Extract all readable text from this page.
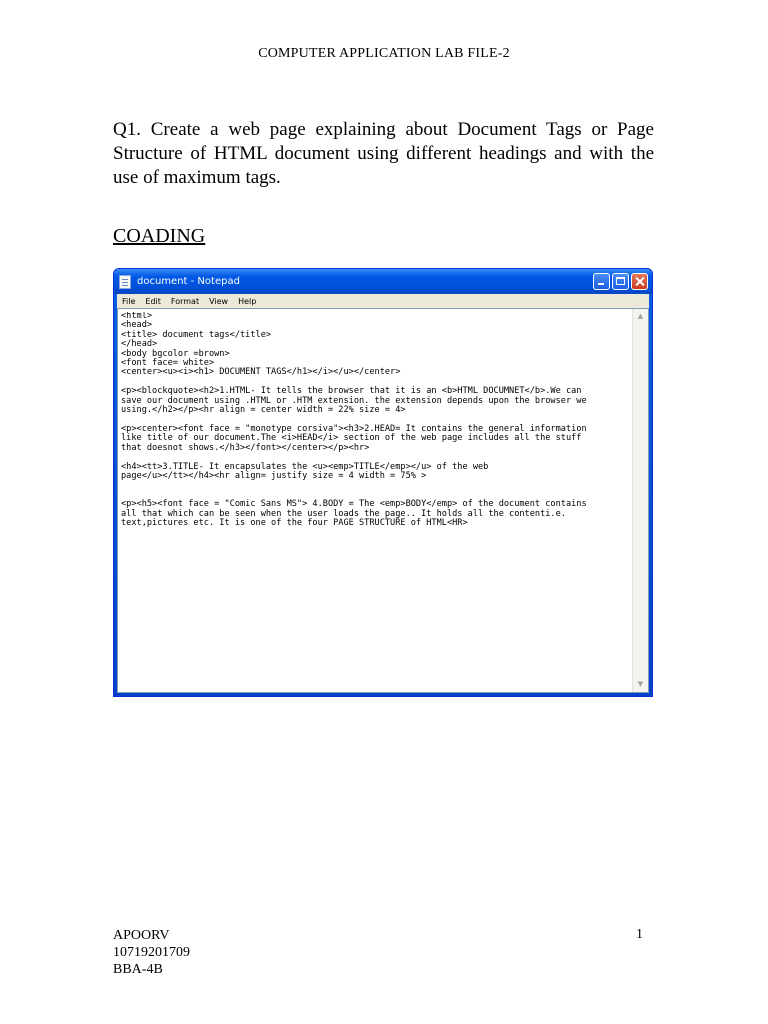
COMPUTER APPLICATION LAB FILE-2
Q1. Create a web page explaining about Document Tags or Page Structure of HTML document using different headings and with the use of maximum tags.
COADING
document - Notepad
File	Edit	Format	View	Help
<html>
<head>
<title> document tags</title>
</head>
<body bgcolor =brown>
<font face= white>
<center><u><i><h1> DOCUMENT TAGS</h1></i></u></center>

<p><blockquote><h2>1.HTML- It tells the browser that it is an <b>HTML DOCUMNET</b>.We can
save our document using .HTML or .HTM extension. the extension depends upon the browser we
using.</h2></p><hr align = center width = 22% size = 4>

<p><center><font face = "monotype corsiva"><h3>2.HEAD= It contains the general information
like title of our document.The <i>HEAD</i> section of the web page includes all the stuff
that doesnot shows.</h3></font></center></p><hr>

<h4><tt>3.TITLE- It encapsulates the <u><emp>TITLE</emp></u> of the web
page</u></tt></h4><hr align= justify size = 4 width = 75% >

<p><h5><font face = "Comic Sans MS"> 4.BODY = The <emp>BODY</emp> of the document contains
all that which can be seen when the user loads the page.. It holds all the contenti.e.
text,pictures etc. It is one of the four PAGE STRUCTURE of HTML<HR>
▲
▼
APOORV
10719201709
BBA-4B
1
